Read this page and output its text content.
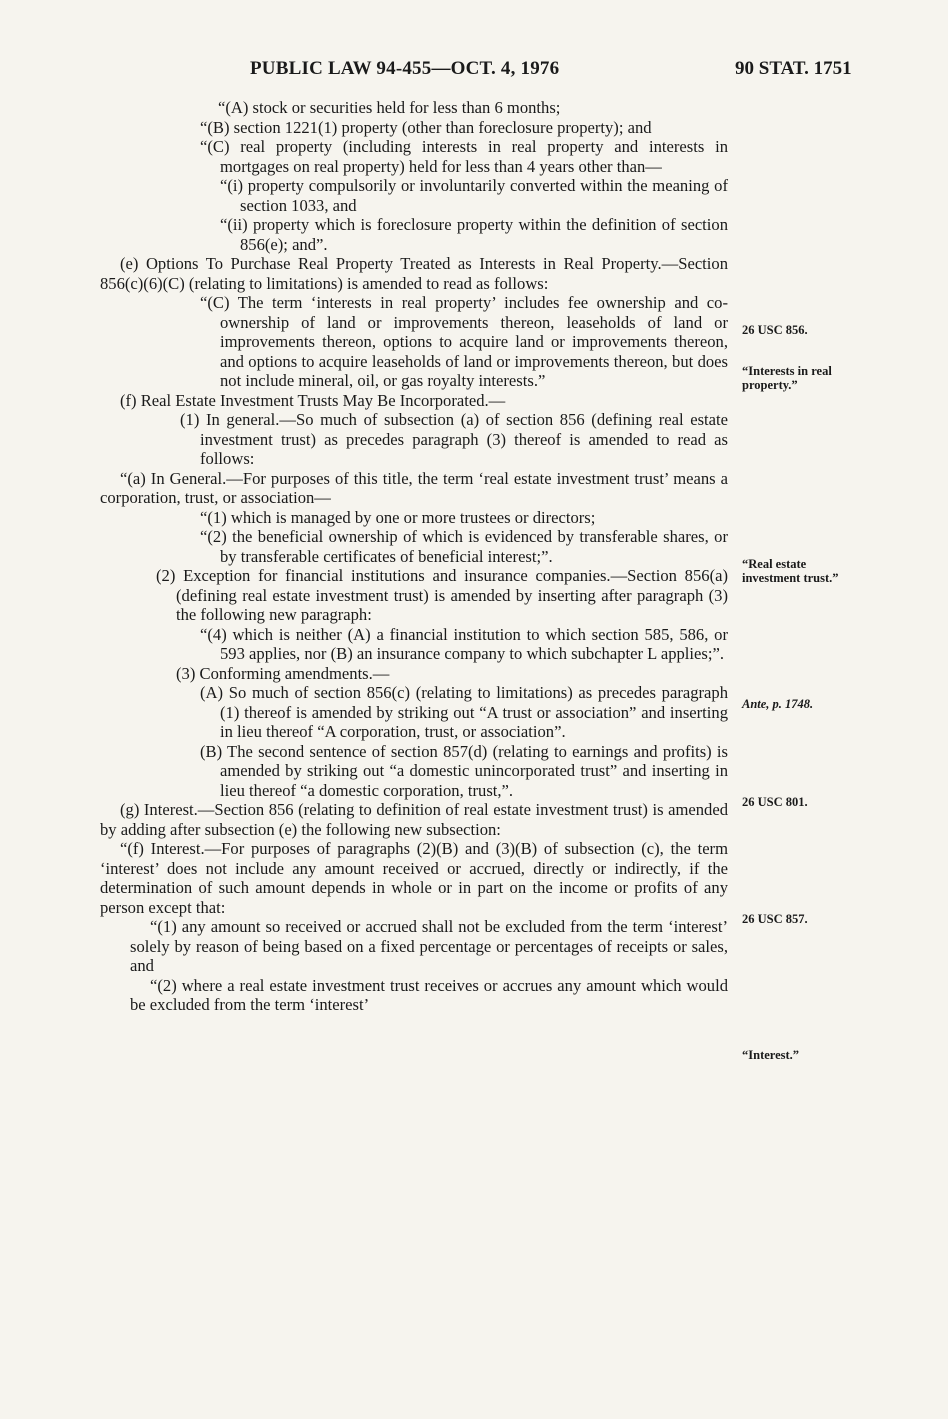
PUBLIC LAW 94-455—OCT. 4, 1976	90 STAT. 1751

“(A) stock or securities held for less than 6 months;

“(B) section 1221(1) property (other than foreclosure property); and

“(C) real property (including interests in real property and interests in mortgages on real property) held for less than 4 years other than—

“(i) property compulsorily or involuntarily converted within the meaning of section 1033, and

“(ii) property which is foreclosure property within the definition of section 856(e); and”.

(e) Options To Purchase Real Property Treated as Interests in Real Property.—Section 856(c)(6)(C) (relating to limitations) is amended to read as follows:

“(C) The term ‘interests in real property’ includes fee ownership and co-ownership of land or improvements thereon, leaseholds of land or improvements thereon, options to acquire land or improvements thereon, and options to acquire leaseholds of land or improvements thereon, but does not include mineral, oil, or gas royalty interests.”

(f) Real Estate Investment Trusts May Be Incorporated.—

(1) In general.—So much of subsection (a) of section 856 (defining real estate investment trust) as precedes paragraph (3) thereof is amended to read as follows:

“(a) In General.—For purposes of this title, the term ‘real estate investment trust’ means a corporation, trust, or association—

“(1) which is managed by one or more trustees or directors;

“(2) the beneficial ownership of which is evidenced by transferable shares, or by transferable certificates of beneficial interest;”.

(2) Exception for financial institutions and insurance companies.—Section 856(a) (defining real estate investment trust) is amended by inserting after paragraph (3) the following new paragraph:

“(4) which is neither (A) a financial institution to which section 585, 586, or 593 applies, nor (B) an insurance company to which subchapter L applies;”.

(3) Conforming amendments.—

(A) So much of section 856(c) (relating to limitations) as precedes paragraph (1) thereof is amended by striking out “A trust or association” and inserting in lieu thereof “A corporation, trust, or association”.

(B) The second sentence of section 857(d) (relating to earnings and profits) is amended by striking out “a domestic unincorporated trust” and inserting in lieu thereof “a domestic corporation, trust,”.

(g) Interest.—Section 856 (relating to definition of real estate investment trust) is amended by adding after subsection (e) the following new subsection:

“(f) Interest.—For purposes of paragraphs (2)(B) and (3)(B) of subsection (c), the term ‘interest’ does not include any amount received or accrued, directly or indirectly, if the determination of such amount depends in whole or in part on the income or profits of any person except that:

“(1) any amount so received or accrued shall not be excluded from the term ‘interest’ solely by reason of being based on a fixed percentage or percentages of receipts or sales, and

“(2) where a real estate investment trust receives or accrues any amount which would be excluded from the term ‘interest’

26 USC 856.
“Interests in real property.”
“Real estate investment trust.”
Ante, p. 1748.
26 USC 801.
26 USC 857.
“Interest.”
